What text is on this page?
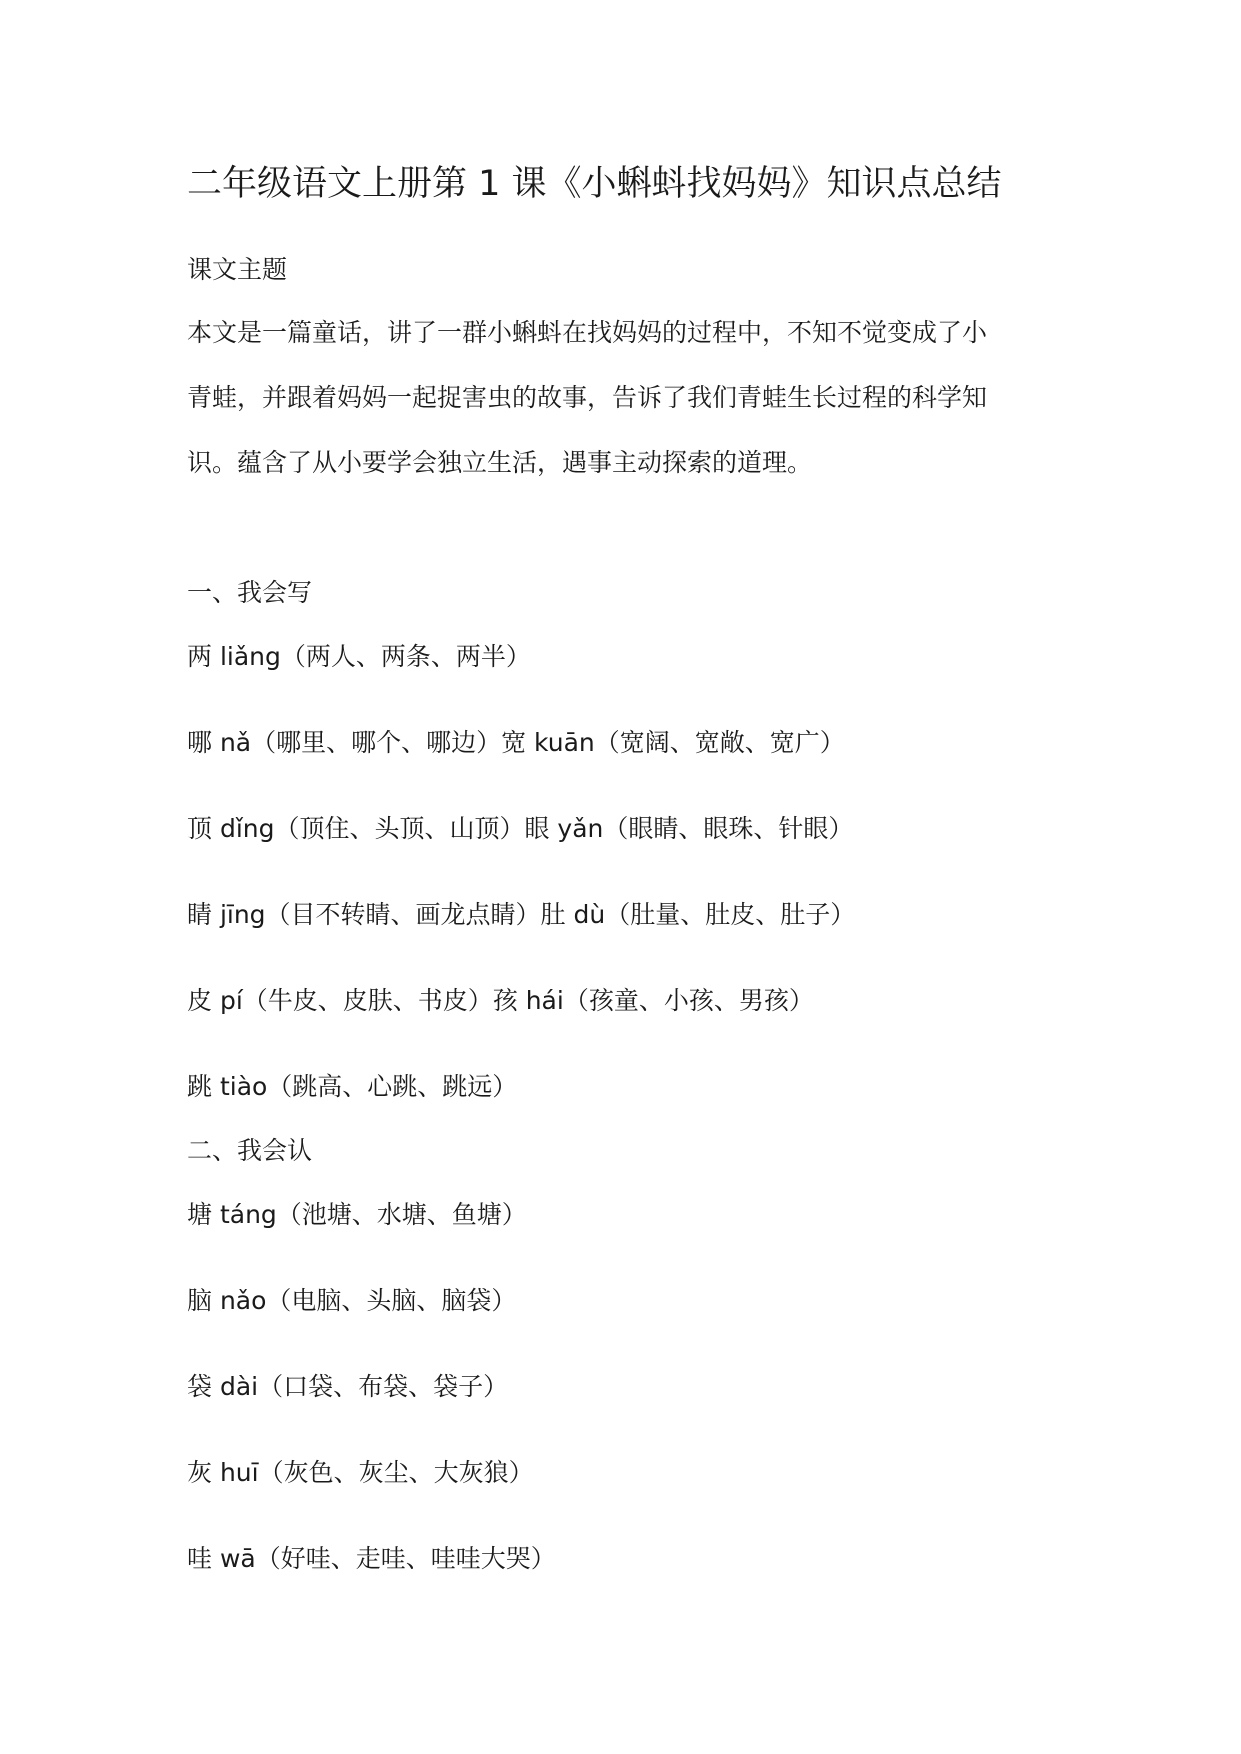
二年级语文上册第 1 课《小蝌蚪找妈妈》知识点总结
课文主题
本文是一篇童话，讲了一群小蝌蚪在找妈妈的过程中，不知不觉变成了小
青蛙，并跟着妈妈一起捉害虫的故事，告诉了我们青蛙生长过程的科学知
识。蕴含了从小要学会独立生活，遇事主动探索的道理。
一、我会写
两 liǎng（两人、两条、两半）
哪 nǎ（哪里、哪个、哪边）宽 kuān（宽阔、宽敞、宽广）
顶 dǐng（顶住、头顶、山顶）眼 yǎn（眼睛、眼珠、针眼）
睛 jīng（目不转睛、画龙点睛）肚 dù（肚量、肚皮、肚子）
皮 pí（牛皮、皮肤、书皮）孩 hái（孩童、小孩、男孩）
跳 tiào（跳高、心跳、跳远）
二、我会认
塘 táng（池塘、水塘、鱼塘）
脑 nǎo（电脑、头脑、脑袋）
袋 dài（口袋、布袋、袋子）
灰 huī（灰色、灰尘、大灰狼）
哇 wā（好哇、走哇、哇哇大哭）
